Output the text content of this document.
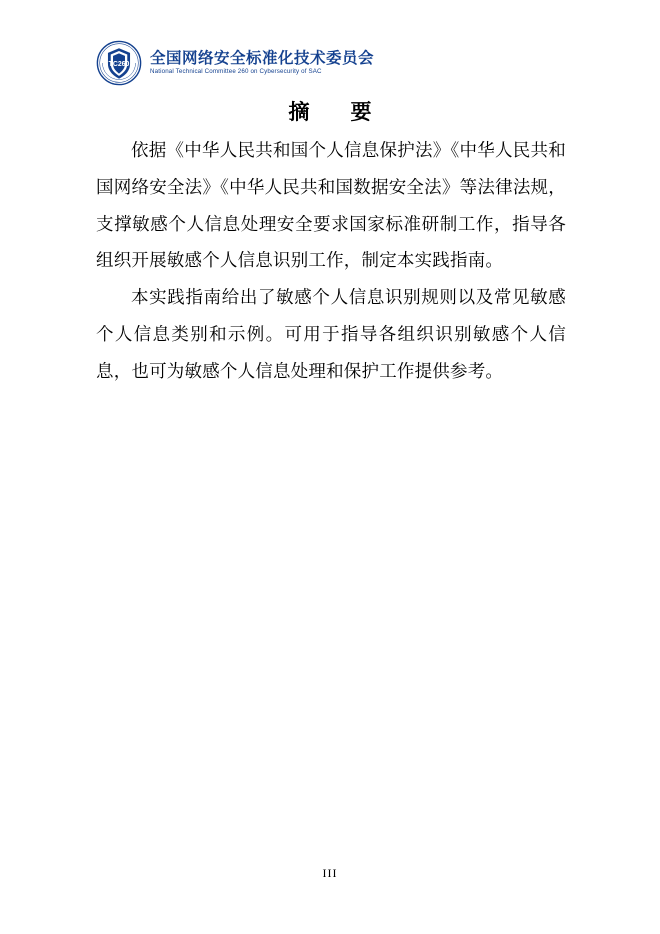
TC260 全国网络安全标准化技术委员会
National Technical Committee 260 on Cybersecurity of SAC
摘　要

依据《中华人民共和国个人信息保护法》《中华人民共和国网络安全法》《中华人民共和国数据安全法》等法律法规，支撑敏感个人信息处理安全要求国家标准研制工作，指导各组织开展敏感个人信息识别工作，制定本实践指南。

本实践指南给出了敏感个人信息识别规则以及常见敏感个人信息类别和示例。可用于指导各组织识别敏感个人信息，也可为敏感个人信息处理和保护工作提供参考。

III
